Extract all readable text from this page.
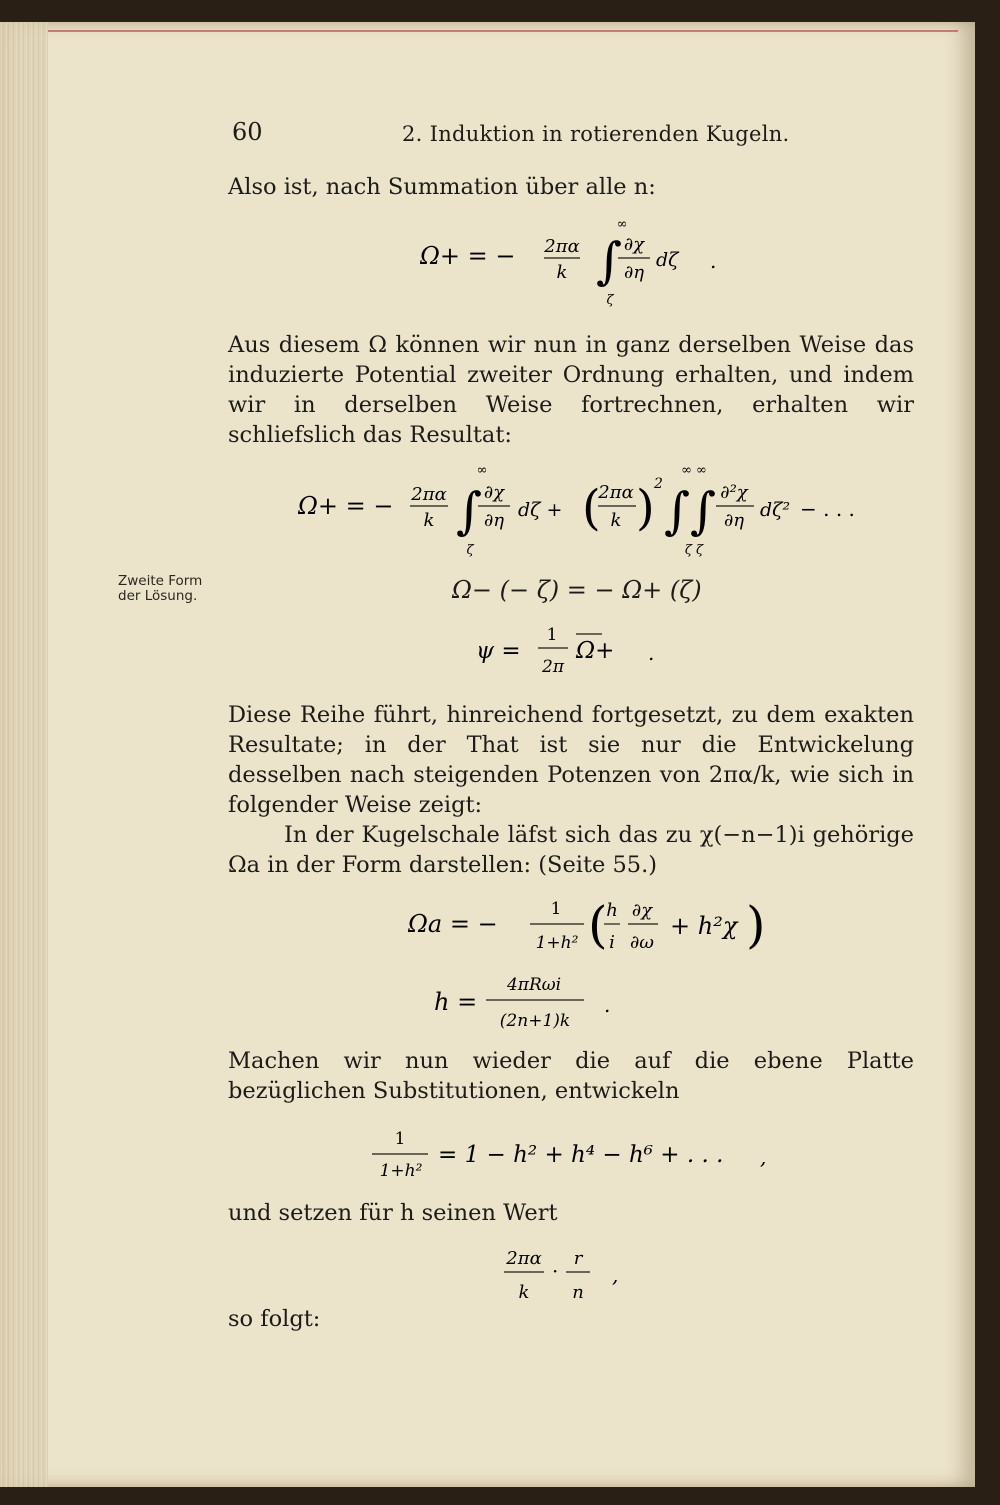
60	2. Induktion in rotierenden Kugeln.
Also ist, nach Summation über alle n:
Ω+ = − 2πα
k
∞
∫
ζ
∂χ
∂η
dζ .
Aus diesem Ω können wir nun in ganz derselben Weise das induzierte Potential zweiter Ordnung erhalten, und indem wir in derselben Weise fortrechnen, erhalten wir schliefslich das Resultat:
Ω+ = − 2πα
k
∞
∫
ζ
∂χ
∂η dζ + (
2πα
k ) 2
∞ ∞
∫ ∫
ζ ζ
∂²χ
∂η dζ² − . . .
Zweite Form
der Lösung.	Ω− (− ζ) = − Ω+ (ζ)
ψ =
1
2π
Ω+ .
Diese Reihe führt, hinreichend fortgesetzt, zu dem exakten Resultate; in der That ist sie nur die Entwickelung desselben nach steigenden Potenzen von 2πα/k, wie sich in folgender Weise zeigt:
In der Kugelschale läfst sich das zu χ(−n−1)i gehörige Ωa in der Form darstellen: (Seite 55.)
Ωa = −
1
1+h² (
h
i
∂χ
∂ω
+ h²χ )
h =
4πRωi
(2n+1)k
.
Machen wir nun wieder die auf die ebene Platte bezüglichen Substitutionen, entwickeln
1
1+h²
= 1 − h² + h⁴ − h⁶ + . . . ,
und setzen für h seinen Wert
2πα
k
·
r
n
,
so folgt:
